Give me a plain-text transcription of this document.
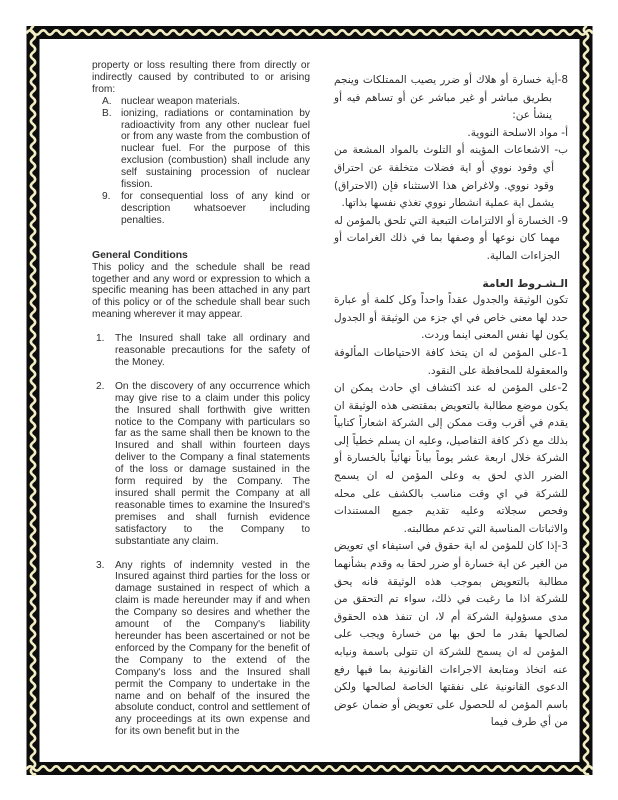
property or loss resulting there from directly or indirectly caused by contributed to or arising from:

A. nuclear weapon materials.
B. ionizing, radiations or contamination by radioactivity from any other nuclear fuel or from any waste from the combustion of nuclear fuel. For the purpose of this exclusion (combustion) shall include any self sustaining procession of nuclear fission.
9.	for consequential loss of any kind or description whatsoever including penalties.
General Conditions

This policy and the schedule shall be read together and any word or expression to which a specific meaning has been attached in any part of this policy or of the schedule shall bear such meaning wherever it may appear.

1.	The Insured shall take all ordinary and reasonable precautions for the safety of the Money.
2.	On the discovery of any occurrence which may give rise to a claim under this policy the Insured shall forthwith give written notice to the Company with particulars so far as the same shall then be known to the Insured and shall within fourteen days deliver to the Company a final statements of the loss or damage sustained in the form required by the Company. The insured shall permit the Company at all reasonable times to examine the Insured's premises and shall furnish evidence satisfactory to the Company to substantiate any claim.
3.	Any rights of indemnity vested in the Insured against third parties for the loss or damage sustained in respect of which a claim is made hereunder may if and when the Company so desires and whether the amount of the Company's liability hereunder has been ascertained or not be enforced by the Company for the benefit of the Company to the extend of the Company's loss and the Insured shall permit the Company to undertake in the name and on behalf of the insured the absolute conduct, control and settlement of any proceedings at its own expense and for its own benefit but in the

8-أية خسارة أو هلاك أو ضرر يصيب الممتلكات وينجم بطريق مباشر أو غير مباشر عن أو تساهم فيه أو ينشأ عن:

أ- مواد الاسلحة النووية.

ب- الاشعاعات المؤينه أو التلوث بالمواد المشعة من أي وقود نووي أو اية فضلات متخلفة عن احتراق وقود نووي. ولاغراض هذا الاستثناء فإن (الاحتراق) يشمل اية عملية انشطار نووي تغذي نفسها بذاتها.

9- الخسارة أو الالتزامات التبعية التي تلحق بالمؤمن له مهما كان نوعها أو وصفها بما في ذلك الغرامات أو الجزاءات المالية.

الـشـروط العامة

تكون الوثيقة والجدول عقداً واحداً وكل كلمة أو عبارة حدد لها معنى خاص في اي جزء من الوثيقة أو الجدول يكون لها نفس المعنى اينما وردت.

1-على المؤمن له ان يتخذ كافة الاحتياطات المألوفة والمعقولة للمحافظة على النقود.

2-على المؤمن له عند اكتشاف اي حادث يمكن ان يكون موضع مطالبة بالتعويض بمقتضى هذه الوثيقة ان يقدم في أقرب وقت ممكن إلى الشركة اشعاراً كتابياً بذلك مع ذكر كافة التفاصيل، وعليه ان يسلم خطياً إلى الشركة خلال اربعة عشر يوماً بياناً نهائياً بالخسارة أو الضرر الذي لحق به وعلى المؤمن له ان يسمح للشركة في اي وقت مناسب بالكشف على محله وفحص سجلاته وعليه تقديم جميع المستندات والاثباتات المناسبة التي تدعم مطالبته.

3-إذا كان للمؤمن له اية حقوق في استيفاء اي تعويض من الغير عن اية خسارة أو ضرر لحقا به وقدم بشأنهما مطالبة بالتعويض بموجب هذه الوثيقة فانه يحق للشركة اذا ما رغبت في ذلك، سواء تم التحقق من مدى مسؤولية الشركة أم لا، ان تنفذ هذه الحقوق لصالحها بقدر ما لحق بها من خسارة ويجب على المؤمن له ان يسمح للشركة ان تتولى باسمة ونيابه عنه اتخاذ ومتابعة الاجراءات القانونية بما فيها رفع الدعوى القانونية على نفقتها الخاصة لصالحها ولكن باسم المؤمن له للحصول على تعويض أو ضمان عوض من أي طرف فيما
